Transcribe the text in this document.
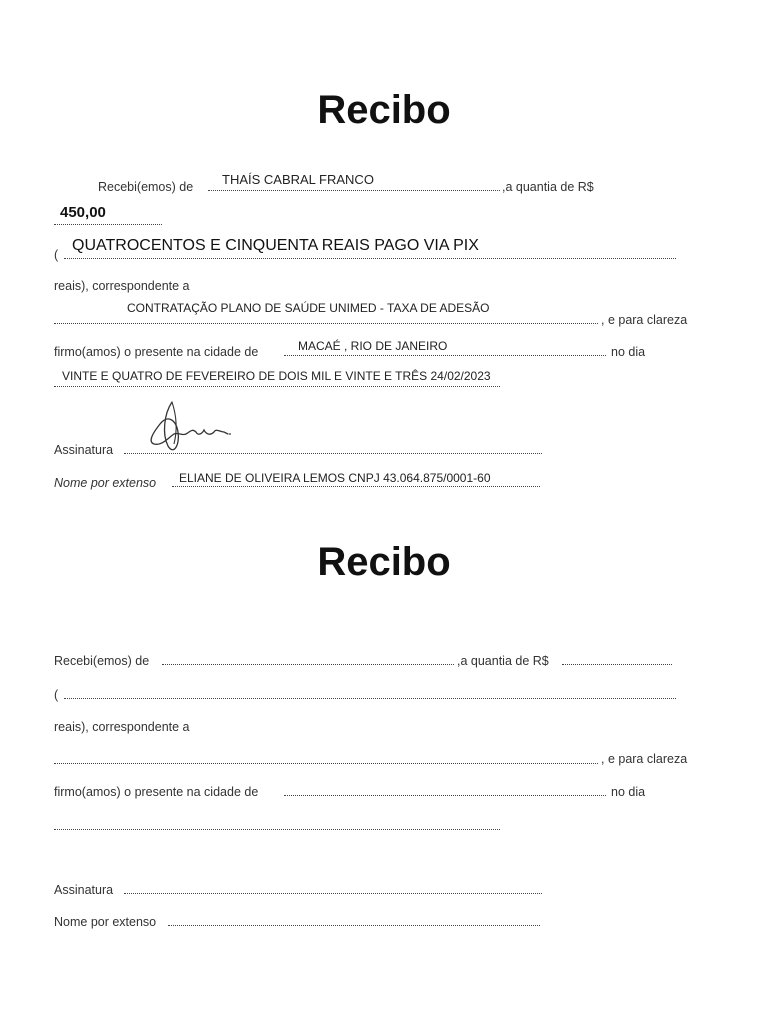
Recibo
Recebi(emos) de THAÍS CABRAL FRANCO	,a quantia de R$
450,00
(
QUATROCENTOS E CINQUENTA REAIS PAGO VIA PIX
reais), correspondente a
CONTRATAÇÃO PLANO DE SAÚDE UNIMED - TAXA DE ADESÃO
, e para clareza
firmo(amos) o presente na cidade de	MACAÉ , RIO DE JANEIRO	no dia
VINTE E QUATRO DE FEVEREIRO DE DOIS MIL E VINTE E TRÊS 24/02/2023
Assinatura
Nome por extenso ELIANE DE OLIVEIRA LEMOS CNPJ 43.064.875/0001-60
Recibo
Recebi(emos) de	,a quantia de R$
(
reais), correspondente a
, e para clareza
firmo(amos) o presente na cidade de	no dia
Assinatura
Nome por extenso
